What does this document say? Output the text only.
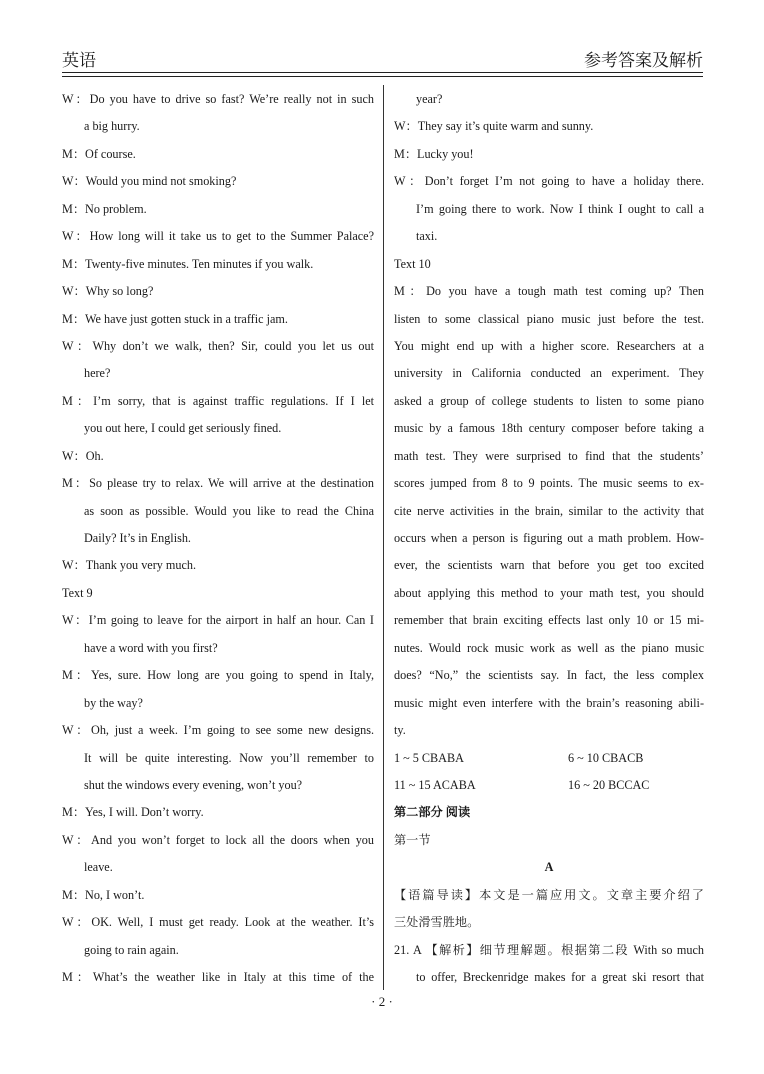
英语	参考答案及解析
W：Do you have to drive so fast? We’re really not in such
a big hurry.
M：Of course.
W：Would you mind not smoking?
M：No problem.
W：How long will it take us to get to the Summer Palace?
M：Twenty-five minutes. Ten minutes if you walk.
W：Why so long?
M：We have just gotten stuck in a traffic jam.
W：Why don’t we walk, then? Sir, could you let us out
here?
M：I’m sorry, that is against traffic regulations. If I let
you out here, I could get seriously fined.
W：Oh.
M：So please try to relax. We will arrive at the destination
as soon as possible. Would you like to read the China
Daily? It’s in English.
W：Thank you very much.
Text 9
W：I’m going to leave for the airport in half an hour. Can I
have a word with you first?
M：Yes, sure. How long are you going to spend in Italy,
by the way?
W：Oh, just a week. I’m going to see some new designs.
It will be quite interesting. Now you’ll remember to
shut the windows every evening, won’t you?
M：Yes, I will. Don’t worry.
W：And you won’t forget to lock all the doors when you
leave.
M：No, I won’t.
W：OK. Well, I must get ready. Look at the weather. It’s
going to rain again.
M：What’s the weather like in Italy at this time of the
year?
W：They say it’s quite warm and sunny.
M：Lucky you!
W：Don’t forget I’m not going to have a holiday there.
I’m going there to work. Now I think I ought to call a
taxi.
Text 10
M：Do you have a tough math test coming up? Then
listen to some classical piano music just before the test.
You might end up with a higher score. Researchers at a
university in California conducted an experiment. They
asked a group of college students to listen to some piano
music by a famous 18th century composer before taking a
math test. They were surprised to find that the students’
scores jumped from 8 to 9 points. The music seems to ex-
cite nerve activities in the brain, similar to the activity that
occurs when a person is figuring out a math problem. How-
ever, the scientists warn that before you get too excited
about applying this method to your math test, you should
remember that brain exciting effects last only 10 or 15 mi-
nutes. Would rock music work as well as the piano music
does? “No,” the scientists say. In fact, the less complex
music might even interfere with the brain’s reasoning abili-
ty.
1 ~ 5 CBABA	6 ~ 10 CBACB
11 ~ 15 ACABA	16 ~ 20 BCCAC
第二部分 阅读
第一节
A
【语篇导读】本文是一篇应用文。文章主要介绍了
三处滑雪胜地。
21. A 【解析】细节理解题。根据第二段 With so much
to offer, Breckenridge makes for a great ski resort that
· 2 ·
